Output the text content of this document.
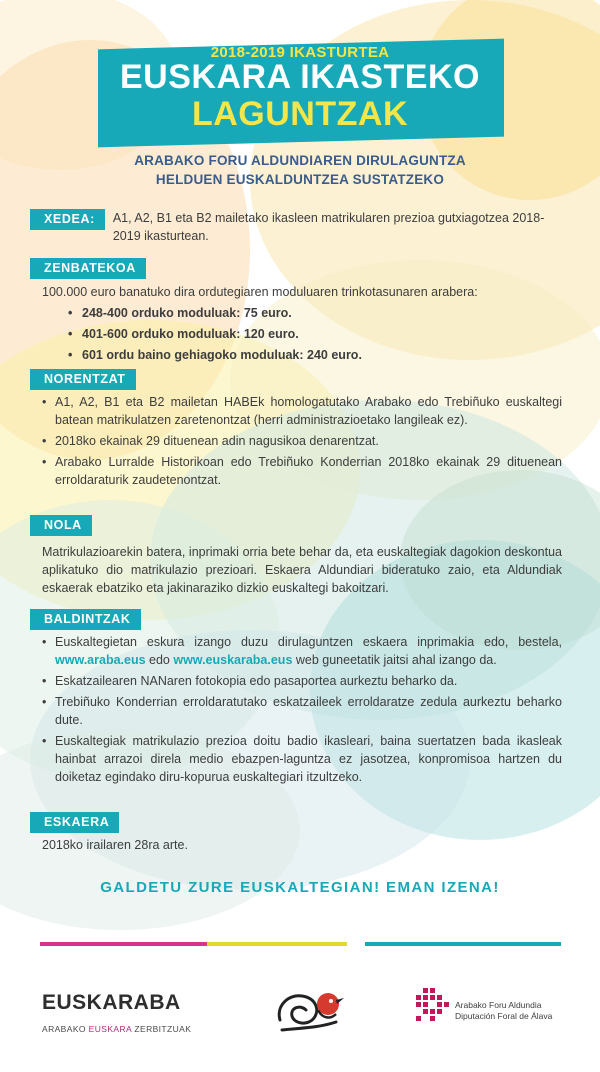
2018-2019 IKASTURTEA
EUSKARA IKASTEKO
LAGUNTZAK
ARABAKO FORU ALDUNDIAREN DIRULAGUNTZA
HELDUEN EUSKALDUNTZEA SUSTATZEKO
XEDEA:	A1, A2, B1 eta B2 mailetako ikasleen matrikularen prezioa gutxiagotzea 2018-2019 ikasturtean.
ZENBATEKOA
100.000 euro banatuko dira ordutegiaren moduluaren trinkotasunaren arabera:
• 248-400 orduko moduluak: 75 euro.
• 401-600 orduko moduluak: 120 euro.
• 601 ordu baino gehiagoko moduluak: 240 euro.
NORENTZAT
• A1, A2, B1 eta B2 mailetan HABEk homologatutako Arabako edo Trebiñuko euskaltegi batean matrikulatzen zaretenontzat (herri administrazioetako langileak ez).
• 2018ko ekainak 29 dituenean adin nagusikoa denarentzat.
• Arabako Lurralde Historikoan edo Trebiñuko Konderrian 2018ko ekainak 29 dituenean erroldaraturik zaudetenontzat.
NOLA
Matrikulazioarekin batera, inprimaki orria bete behar da, eta euskaltegiak dagokion deskontua aplikatuko dio matrikulazio prezioari. Eskaera Aldundiari bideratuko zaio, eta Aldundiak eskaerak ebatziko eta jakinaraziko dizkio euskaltegi bakoitzari.
BALDINTZAK
• Euskaltegietan eskura izango duzu dirulaguntzen eskaera inprimakia edo, bestela, www.araba.eus edo www.euskaraba.eus web guneetatik jaitsi ahal izango da.
• Eskatzailearen NANaren fotokopia edo pasaportea aurkeztu beharko da.
• Trebiñuko Konderrian erroldaratutako eskatzaileek erroldaratze zedula aurkeztu beharko dute.
• Euskaltegiak matrikulazio prezioa doitu badio ikasleari, baina suertatzen bada ikasleak hainbat arrazoi direla medio ebazpen-laguntza ez jasotzea, konpromisoa hartzen du doiketaz egindako diru-kopurua euskaltegiari itzultzeko.
ESKAERA
2018ko irailaren 28ra arte.
GALDETU ZURE EUSKALTEGIAN! EMAN IZENA!
EUSKARABA
ARABAKO EUSKARA ZERBITZUAK
Arabako Foru Aldundia
Diputación Foral de Álava
